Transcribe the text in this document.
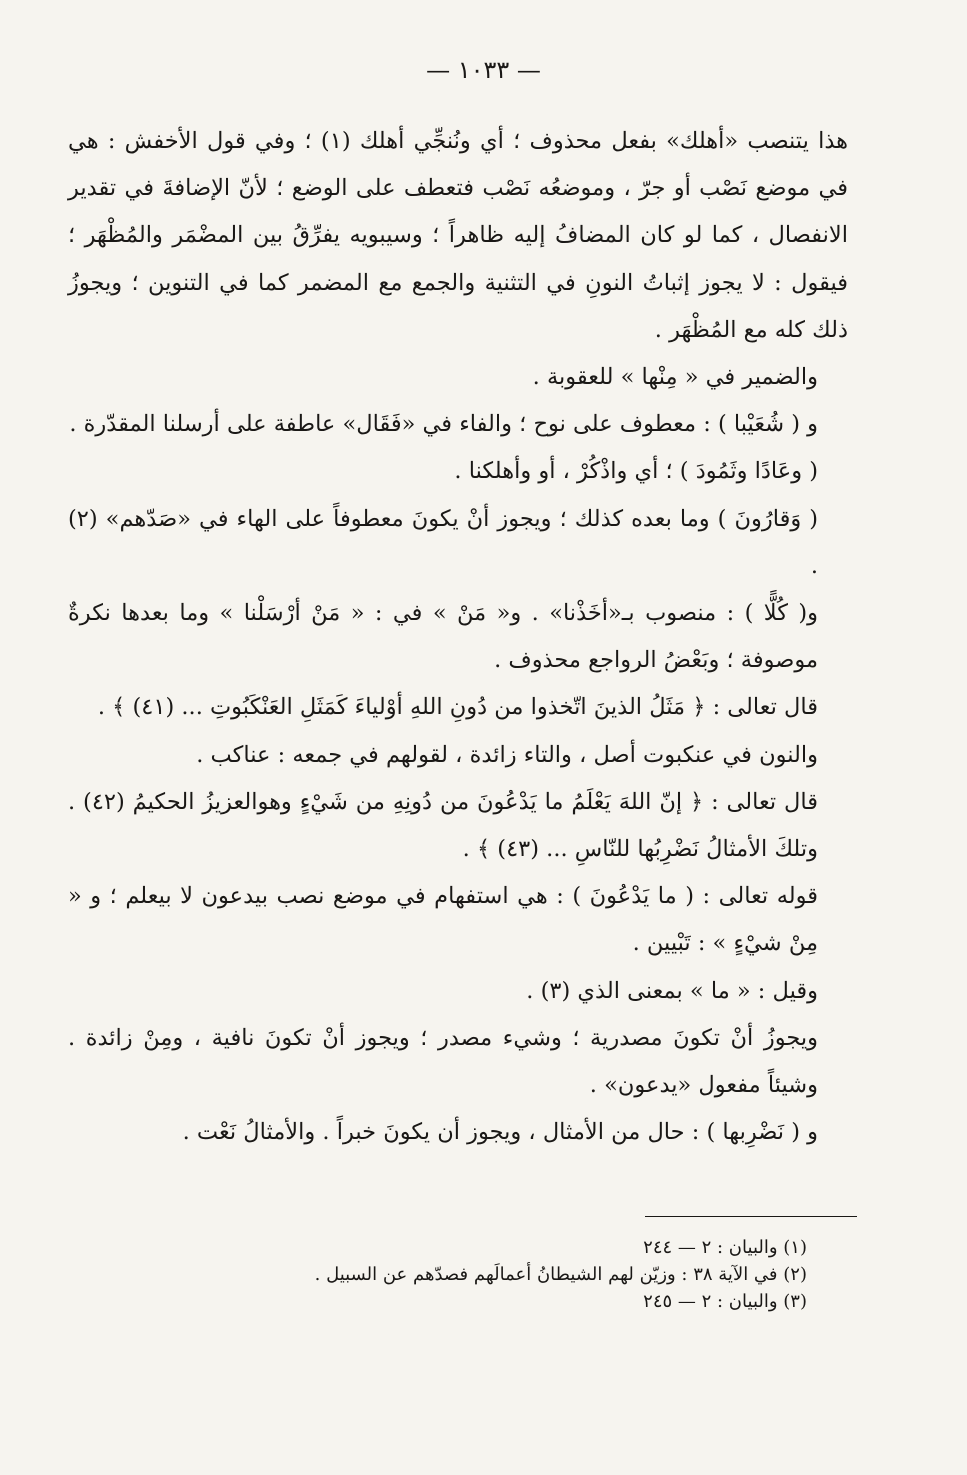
— ١٠٣٣ —

هذا يتنصب «أهلك» بفعل محذوف ؛ أي ونُنجِّي أهلك (١) ؛ وفي قول الأخفش : هي في موضع نَصْب أو جرّ ، وموضعُه نَصْب فتعطف على الوضع ؛ لأنّ الإضافةَ في تقدير الانفصال ، كما لو كان المضافُ إليه ظاهراً ؛ وسيبويه يفرِّقُ بين المضْمَر والمُظْهَر ؛ فيقول : لا يجوز إثباتُ النونِ في التثنية والجمع مع المضمر كما في التنوين ؛ ويجوزُ ذلك كله مع المُظْهَر .

والضمير في « مِنْها » للعقوبة .

و ( شُعَيْبا ) : معطوف على نوح ؛ والفاء في «فَقَال» عاطفة على أرسلنا المقدّرة .

( وعَادًا وثَمُودَ ) ؛ أي واذْكُرْ ، أو وأهلكنا .

( وَقارُونَ ) وما بعده كذلك ؛ ويجوز أنْ يكونَ معطوفاً على الهاء في «صَدّهم» (٢) .

و( كُلًّا ) : منصوب بـ«أخَذْنا» . و« مَنْ » في : « مَنْ أرْسَلْنا » وما بعدها نكرةٌ موصوفة ؛ وبَعْضُ الرواجع محذوف .

قال تعالى : ﴿ مَثَلُ الذينَ اتّخذوا من دُونِ اللهِ أوْلياءَ كَمَثَلِ العَنْكَبُوتِ ... (٤١) ﴾ .

والنون في عنكبوت أصل ، والتاء زائدة ، لقولهم في جمعه : عناكب .

قال تعالى : ﴿ إنّ اللهَ يَعْلَمُ ما يَدْعُونَ من دُونِهِ من شَيْءٍ وهوالعزيزُ الحكيمُ (٤٢) . وتلكَ الأمثالُ نَضْرِبُها للنّاسِ ... (٤٣) ﴾ .

قوله تعالى : ( ما يَدْعُونَ ) : هي استفهام في موضع نصب بيدعون لا بيعلم ؛ و « مِنْ شيْءٍ » : تَبْيين .

وقيل : « ما » بمعنى الذي (٣) .

ويجوزُ أنْ تكونَ مصدرية ؛ وشيء مصدر ؛ ويجوز أنْ تكونَ نافية ، ومِنْ زائدة . وشيئاً مفعول «يدعون» .

و ( نَضْرِبها ) : حال من الأمثال ، ويجوز أن يكونَ خبراً . والأمثالُ نَعْت .

(١) والبيان : ٢ — ٢٤٤

(٢) في الآية ٣٨ : وزيّن لهم الشيطانُ أعمالَهم فصدّهم عن السبيل .

(٣) والبيان : ٢ — ٢٤٥
